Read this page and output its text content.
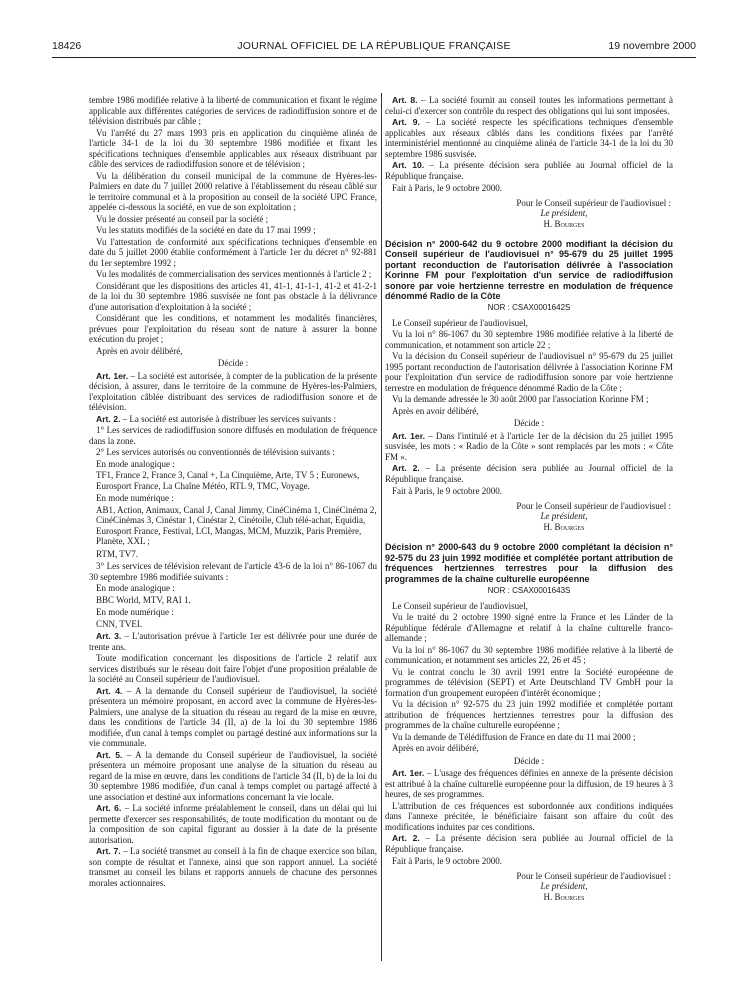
18426	JOURNAL OFFICIEL DE LA RÉPUBLIQUE FRANÇAISE	19 novembre 2000

tembre 1986 modifiée relative à la liberté de communication et fixant le régime applicable aux différentes catégories de services de radiodiffusion sonore et de télévision distribués par câble ;

Vu l'arrêté du 27 mars 1993 pris en application du cinquième alinéa de l'article 34-1 de la loi du 30 septembre 1986 modifiée et fixant les spécifications techniques d'ensemble applicables aux réseaux distribuant par câble des services de radiodiffusion sonore et de télévision ;

Vu la délibération du conseil municipal de la commune de Hyères-les-Palmiers en date du 7 juillet 2000 relative à l'établissement du réseau câblé sur le territoire communal et à la proposition au conseil de la société UPC France, appelée ci-dessous la société, en vue de son exploitation ;

Vu le dossier présenté au conseil par la société ;

Vu les statuts modifiés de la société en date du 17 mai 1999 ;

Vu l'attestation de conformité aux spécifications techniques d'ensemble en date du 5 juillet 2000 établie conformément à l'article 1er du décret n° 92-881 du 1er septembre 1992 ;

Vu les modalités de commercialisation des services mentionnés à l'article 2 ;

Considérant que les dispositions des articles 41, 41-1, 41-1-1, 41-2 et 41-2-1 de la loi du 30 septembre 1986 susvisée ne font pas obstacle à la délivrance d'une autorisation d'exploitation à la société ;

Considérant que les conditions, et notamment les modalités financières, prévues pour l'exploitation du réseau sont de nature à assurer la bonne exécution du projet ;

Après en avoir délibéré,

Décide :

Art. 1er. – La société est autorisée, à compter de la publication de la présente décision, à assurer, dans le territoire de la commune de Hyères-les-Palmiers, l'exploitation câblée distribuant des services de radiodiffusion sonore et de télévision.

Art. 2. – La société est autorisée à distribuer les services suivants :

1° Les services de radiodiffusion sonore diffusés en modulation de fréquence dans la zone.

2° Les services autorisés ou conventionnés de télévision suivants :

En mode analogique :

TF1, France 2, France 3, Canal +, La Cinquième, Arte, TV 5 ; Euronews, Eurosport France, La Chaîne Météo, RTL 9, TMC, Voyage.

En mode numérique :

AB1, Action, Animaux, Canal J, Canal Jimmy, CinéCinéma 1, CinéCinéma 2, CinéCinémas 3, Cinéstar 1, Cinéstar 2, Cinétoile, Club télé-achat, Equidia, Eurosport France, Festival, LCI, Mangas, MCM, Muzzik, Paris Première, Planète, XXL ;

RTM, TV7.

3° Les services de télévision relevant de l'article 43-6 de la loi n° 86-1067 du 30 septembre 1986 modifiée suivants :

En mode analogique :

BBC World, MTV, RAI 1.

En mode numérique :

CNN, TVEI.

Art. 3. – L'autorisation prévue à l'article 1er est délivrée pour une durée de trente ans.

Toute modification concernant les dispositions de l'article 2 relatif aux services distribués sur le réseau doit faire l'objet d'une proposition préalable de la société au Conseil supérieur de l'audiovisuel.

Art. 4. – A la demande du Conseil supérieur de l'audiovisuel, la société présentera un mémoire proposant, en accord avec la commune de Hyères-les-Palmiers, une analyse de la situation du réseau au regard de la mise en œuvre, dans les conditions de l'article 34 (II, a) de la loi du 30 septembre 1986 modifiée, d'un canal à temps complet ou partagé destiné aux informations sur la vie communale.

Art. 5. – A la demande du Conseil supérieur de l'audiovisuel, la société présentera un mémoire proposant une analyse de la situation du réseau au regard de la mise en œuvre, dans les conditions de l'article 34 (II, b) de la loi du 30 septembre 1986 modifiée, d'un canal à temps complet ou partagé affecté à une association et destiné aux informations concernant la vie locale.

Art. 6. – La société informe préalablement le conseil, dans un délai qui lui permette d'exercer ses responsabilités, de toute modification du montant ou de la composition de son capital figurant au dossier à la date de la présente autorisation.

Art. 7. – La société transmet au conseil à la fin de chaque exercice son bilan, son compte de résultat et l'annexe, ainsi que son rapport annuel. La société transmet au conseil les bilans et rapports annuels de chacune des personnes morales actionnaires.

Art. 8. – La société fournit au conseil toutes les informations permettant à celui-ci d'exercer son contrôle du respect des obligations qui lui sont imposées.

Art. 9. – La société respecte les spécifications techniques d'ensemble applicables aux réseaux câblés dans les conditions fixées par l'arrêté interministériel mentionné au cinquième alinéa de l'article 34-1 de la loi du 30 septembre 1986 susvisée.

Art. 10. – La présente décision sera publiée au Journal officiel de la République française.

Fait à Paris, le 9 octobre 2000.

Pour le Conseil supérieur de l'audiovisuel :
Le président,
H. Bourges
Décision n° 2000-642 du 9 octobre 2000 modifiant la décision du Conseil supérieur de l'audiovisuel n° 95-679 du 25 juillet 1995 portant reconduction de l'autorisation délivrée à l'association Korinne FM pour l'exploitation d'un service de radiodiffusion sonore par voie hertzienne terrestre en modulation de fréquence dénommé Radio de la Côte
NOR : CSAX0001642S

Le Conseil supérieur de l'audiovisuel,

Vu la loi n° 86-1067 du 30 septembre 1986 modifiée relative à la liberté de communication, et notamment son article 22 ;

Vu la décision du Conseil supérieur de l'audiovisuel n° 95-679 du 25 juillet 1995 portant reconduction de l'autorisation délivrée à l'association Korinne FM pour l'exploitation d'un service de radiodiffusion sonore par voie hertzienne terrestre en modulation de fréquence dénommé Radio de la Côte ;

Vu la demande adressée le 30 août 2000 par l'association Korinne FM ;

Après en avoir délibéré,

Décide :

Art. 1er. – Dans l'intitulé et à l'article 1er de la décision du 25 juillet 1995 susvisée, les mots : « Radio de la Côte » sont remplacés par les mots : « Côte FM ».

Art. 2. – La présente décision sera publiée au Journal officiel de la République française.

Fait à Paris, le 9 octobre 2000.

Pour le Conseil supérieur de l'audiovisuel :
Le président,
H. Bourges
Décision n° 2000-643 du 9 octobre 2000 complétant la décision n° 92-575 du 23 juin 1992 modifiée et complétée portant attribution de fréquences hertziennes terrestres pour la diffusion des programmes de la chaîne culturelle européenne
NOR : CSAX0001643S

Le Conseil supérieur de l'audiovisuel,

Vu le traité du 2 octobre 1990 signé entre la France et les Länder de la République fédérale d'Allemagne et relatif à la chaîne culturelle franco-allemande ;

Vu la loi n° 86-1067 du 30 septembre 1986 modifiée relative à la liberté de communication, et notamment ses articles 22, 26 et 45 ;

Vu le contrat conclu le 30 avril 1991 entre la Société européenne de programmes de télévision (SEPT) et Arte Deutschland TV GmbH pour la formation d'un groupement européen d'intérêt économique ;

Vu la décision n° 92-575 du 23 juin 1992 modifiée et complétée portant attribution de fréquences hertziennes terrestres pour la diffusion des programmes de la chaîne culturelle européenne ;

Vu la demande de Télédiffusion de France en date du 11 mai 2000 ;

Après en avoir délibéré,

Décide :

Art. 1er. – L'usage des fréquences définies en annexe de la présente décision est attribué à la chaîne culturelle européenne pour la diffusion, de 19 heures à 3 heures, de ses programmes.

L'attribution de ces fréquences est subordonnée aux conditions indiquées dans l'annexe précitée, le bénéficiaire faisant son affaire du coût des modifications induites par ces conditions.

Art. 2. – La présente décision sera publiée au Journal officiel de la République française.

Fait à Paris, le 9 octobre 2000.

Pour le Conseil supérieur de l'audiovisuel :
Le président,
H. Bourges
